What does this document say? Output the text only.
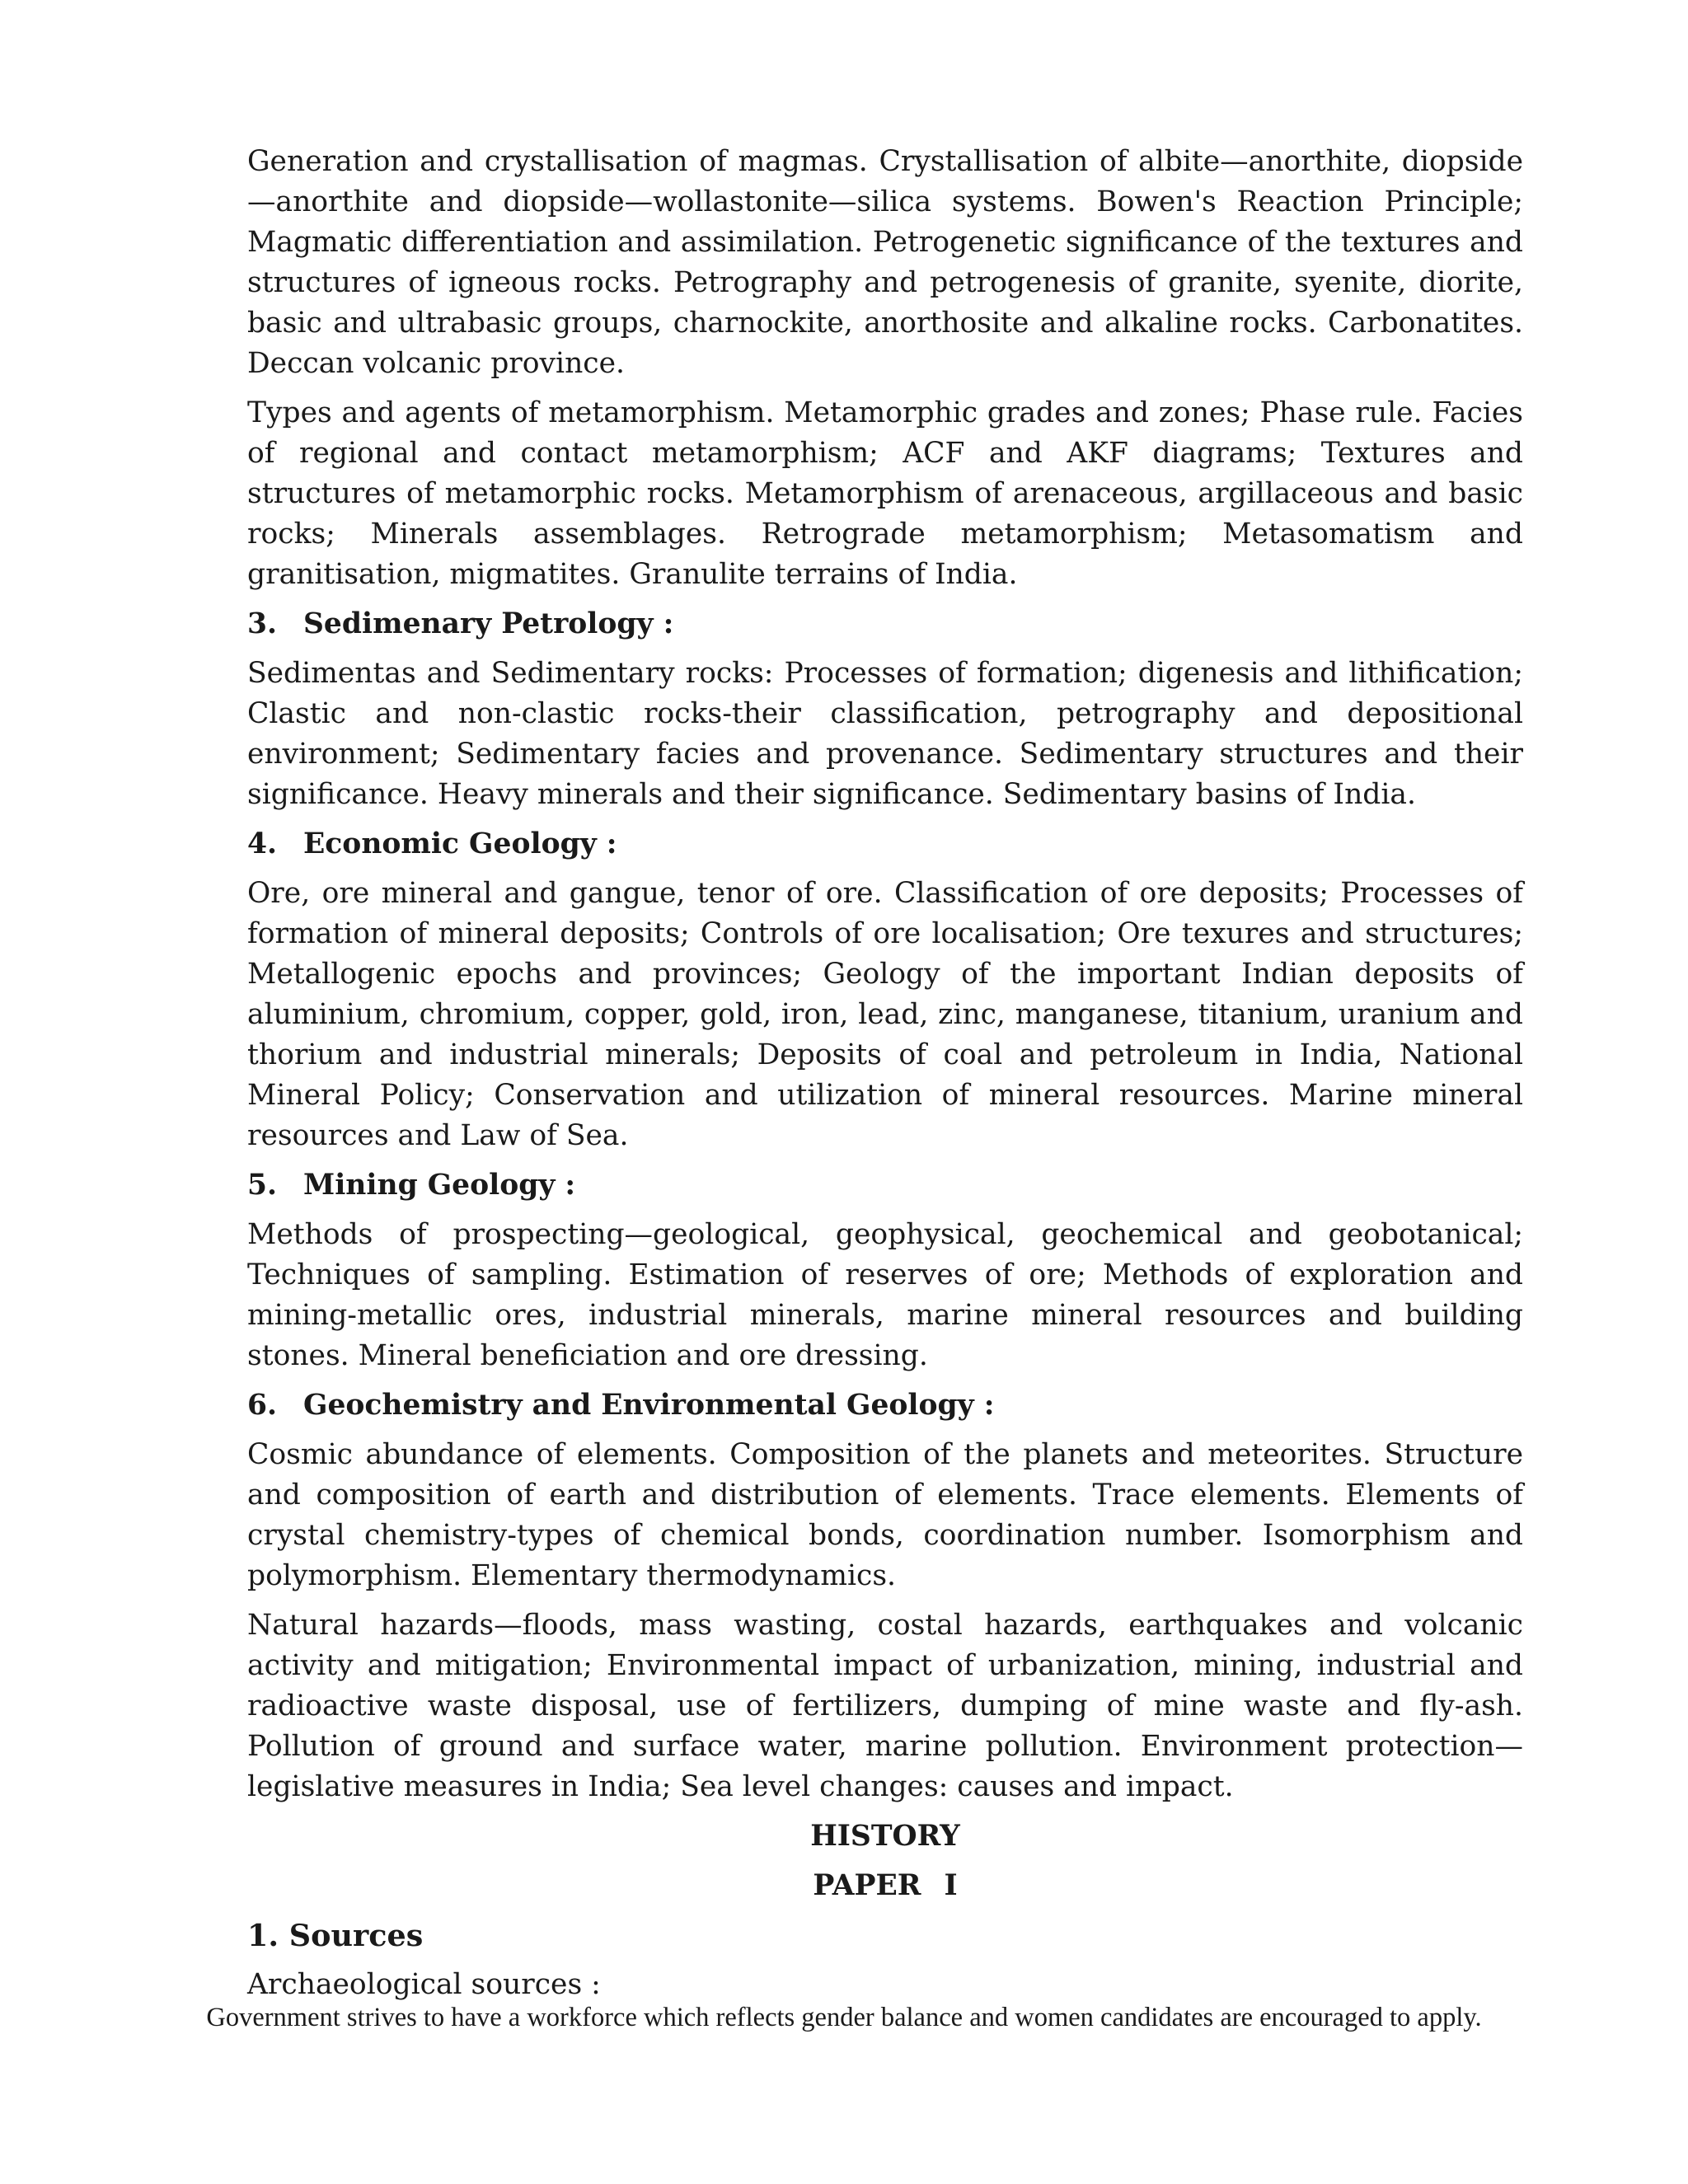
Generation and crystallisation of magmas. Crystallisation of albite—anorthite, diopside—anorthite and diopside—wollastonite—silica systems. Bowen's Reaction Principle; Magmatic differentiation and assimilation. Petrogenetic significance of the textures and structures of igneous rocks. Petrography and petrogenesis of granite, syenite, diorite, basic and ultrabasic groups, charnockite, anorthosite and alkaline rocks. Carbonatites. Deccan volcanic province.

Types and agents of metamorphism. Metamorphic grades and zones; Phase rule. Facies of regional and contact metamorphism; ACF and AKF diagrams; Textures and structures of metamorphic rocks. Metamorphism of arenaceous, argillaceous and basic rocks; Minerals assemblages. Retrograde metamorphism; Metasomatism and granitisation, migmatites. Granulite terrains of India.

3. Sedimenary Petrology :

Sedimentas and Sedimentary rocks: Processes of formation; digenesis and lithification; Clastic and non-clastic rocks-their classification, petrography and depositional environment; Sedimentary facies and provenance. Sedimentary structures and their significance. Heavy minerals and their significance. Sedimentary basins of India.

4. Economic Geology :

Ore, ore mineral and gangue, tenor of ore. Classification of ore deposits; Processes of formation of mineral deposits; Controls of ore localisation; Ore texures and structures; Metallogenic epochs and provinces; Geology of the important Indian deposits of aluminium, chromium, copper, gold, iron, lead, zinc, manganese, titanium, uranium and thorium and industrial minerals; Deposits of coal and petroleum in India, National Mineral Policy; Conservation and utilization of mineral resources. Marine mineral resources and Law of Sea.

5. Mining Geology :

Methods of prospecting—geological, geophysical, geochemical and geobotanical; Techniques of sampling. Estimation of reserves of ore; Methods of exploration and mining-metallic ores, industrial minerals, marine mineral resources and building stones. Mineral beneficiation and ore dressing.

6. Geochemistry and Environmental Geology :

Cosmic abundance of elements. Composition of the planets and meteorites. Structure and composition of earth and distribution of elements. Trace elements. Elements of crystal chemistry-types of chemical bonds, coordination number. Isomorphism and polymorphism. Elementary thermodynamics.

Natural hazards—floods, mass wasting, costal hazards, earthquakes and volcanic activity and mitigation; Environmental impact of urbanization, mining, industrial and radioactive waste disposal, use of fertilizers, dumping of mine waste and fly-ash. Pollution of ground and surface water, marine pollution. Environment protection—legislative measures in India; Sea level changes: causes and impact.

HISTORY
PAPER I
1. Sources

Archaeological sources :

Government strives to have a workforce which reflects gender balance and women candidates are encouraged to apply.
